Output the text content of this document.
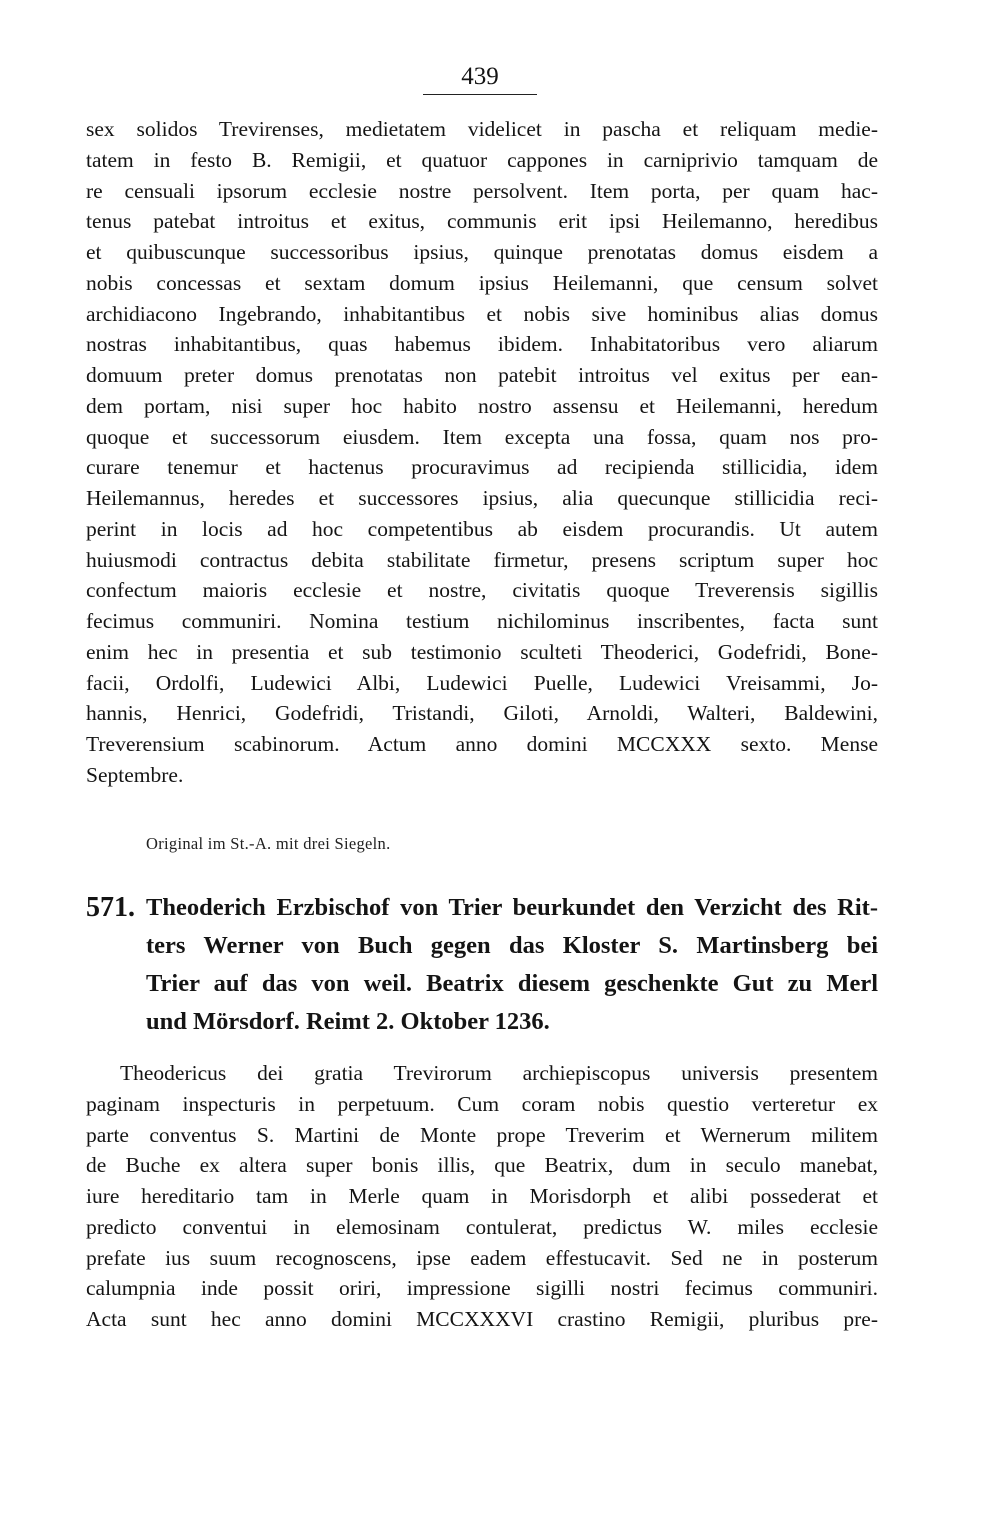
439
sex solidos Trevirenses, medietatem videlicet in pascha et reliquam medie-
tatem in festo B. Remigii, et quatuor cappones in carniprivio tamquam de
re censuali ipsorum ecclesie nostre persolvent. Item porta, per quam hac-
tenus patebat introitus et exitus, communis erit ipsi Heilemanno, heredibus
et quibuscunque successoribus ipsius, quinque prenotatas domus eisdem a
nobis concessas et sextam domum ipsius Heilemanni, que censum solvet
archidiacono Ingebrando, inhabitantibus et nobis sive hominibus alias domus
nostras inhabitantibus, quas habemus ibidem. Inhabitatoribus vero aliarum
domuum preter domus prenotatas non patebit introitus vel exitus per ean-
dem portam, nisi super hoc habito nostro assensu et Heilemanni, heredum
quoque et successorum eiusdem. Item excepta una fossa, quam nos pro-
curare tenemur et hactenus procuravimus ad recipienda stillicidia, idem
Heilemannus, heredes et successores ipsius, alia quecunque stillicidia reci-
perint in locis ad hoc competentibus ab eisdem procurandis. Ut autem
huiusmodi contractus debita stabilitate firmetur, presens scriptum super hoc
confectum maioris ecclesie et nostre, civitatis quoque Treverensis sigillis
fecimus communiri. Nomina testium nichilominus inscribentes, facta sunt
enim hec in presentia et sub testimonio sculteti Theoderici, Godefridi, Bone-
facii, Ordolfi, Ludewici Albi, Ludewici Puelle, Ludewici Vreisammi, Jo-
hannis, Henrici, Godefridi, Tristandi, Giloti, Arnoldi, Walteri, Baldewini,
Treverensium scabinorum. Actum anno domini MCCXXX sexto. Mense
Septembre.
Original im St.-A. mit drei Siegeln.
571. Theoderich Erzbischof von Trier beurkundet den Verzicht des Rit-
ters Werner von Buch gegen das Kloster S. Martinsberg bei
Trier auf das von weil. Beatrix diesem geschenkte Gut zu Merl
und Mörsdorf. Reimt 2. Oktober 1236.
Theodericus dei gratia Trevirorum archiepiscopus universis presentem
paginam inspecturis in perpetuum. Cum coram nobis questio verteretur ex
parte conventus S. Martini de Monte prope Treverim et Wernerum militem
de Buche ex altera super bonis illis, que Beatrix, dum in seculo manebat,
iure hereditario tam in Merle quam in Morisdorph et alibi possederat et
predicto conventui in elemosinam contulerat, predictus W. miles ecclesie
prefate ius suum recognoscens, ipse eadem effestucavit. Sed ne in posterum
calumpnia inde possit oriri, impressione sigilli nostri fecimus communiri.
Acta sunt hec anno domini MCCXXXVI crastino Remigii, pluribus pre-
